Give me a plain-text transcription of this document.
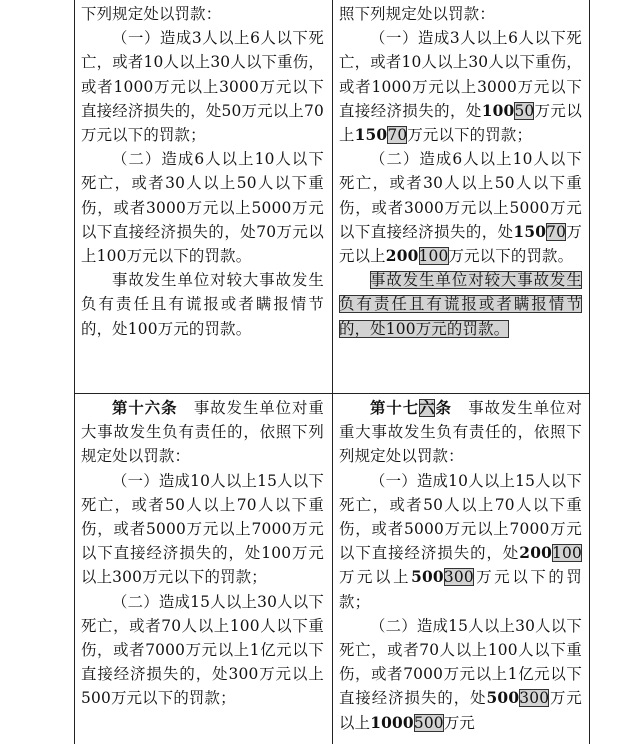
下列规定处以罚款：

（一）造成3人以上6人以下死亡，或者10人以上30人以下重伤，或者1000万元以上3000万元以下直接经济损失的，处50万元以上70万元以下的罚款；

（二）造成6人以上10人以下死亡，或者30人以上50人以下重伤，或者3000万元以上5000万元以下直接经济损失的，处70万元以上100万元以下的罚款。

事故发生单位对较大事故发生负有责任且有谎报或者瞒报情节的，处100万元的罚款。

照下列规定处以罚款：

（一）造成3人以上6人以下死亡，或者10人以上30人以下重伤，或者1000万元以上3000万元以下直接经济损失的，处10050万元以上15070万元以下的罚款；

（二）造成6人以上10人以下死亡，或者30人以上50人以下重伤，或者3000万元以上5000万元以下直接经济损失的，处15070万元以上200100万元以下的罚款。

事故发生单位对较大事故发生负有责任且有谎报或者瞒报情节的，处100万元的罚款。

第十六条　 事故发生单位对重大事故发生负有责任的，依照下列规定处以罚款：

（一）造成10人以上15人以下死亡，或者50人以上70人以下重伤，或者5000万元以上7000万元以下直接经济损失的，处100万元以上300万元以下的罚款；

（二）造成15人以上30人以下死亡，或者70人以上100人以下重伤，或者7000万元以上1亿元以下直接经济损失的，处300万元以上500万元以下的罚款；

第十七六条　 事故发生单位对重大事故发生负有责任的，依照下列规定处以罚款：

（一）造成10人以上15人以下死亡，或者50人以上70人以下重伤，或者5000万元以上7000万元以下直接经济损失的，处200100万元以上500300万元以下的罚款；

（二）造成15人以上30人以下死亡，或者70人以上100人以下重伤，或者7000万元以上1亿元以下直接经济损失的，处500300万元以上1000500万元
